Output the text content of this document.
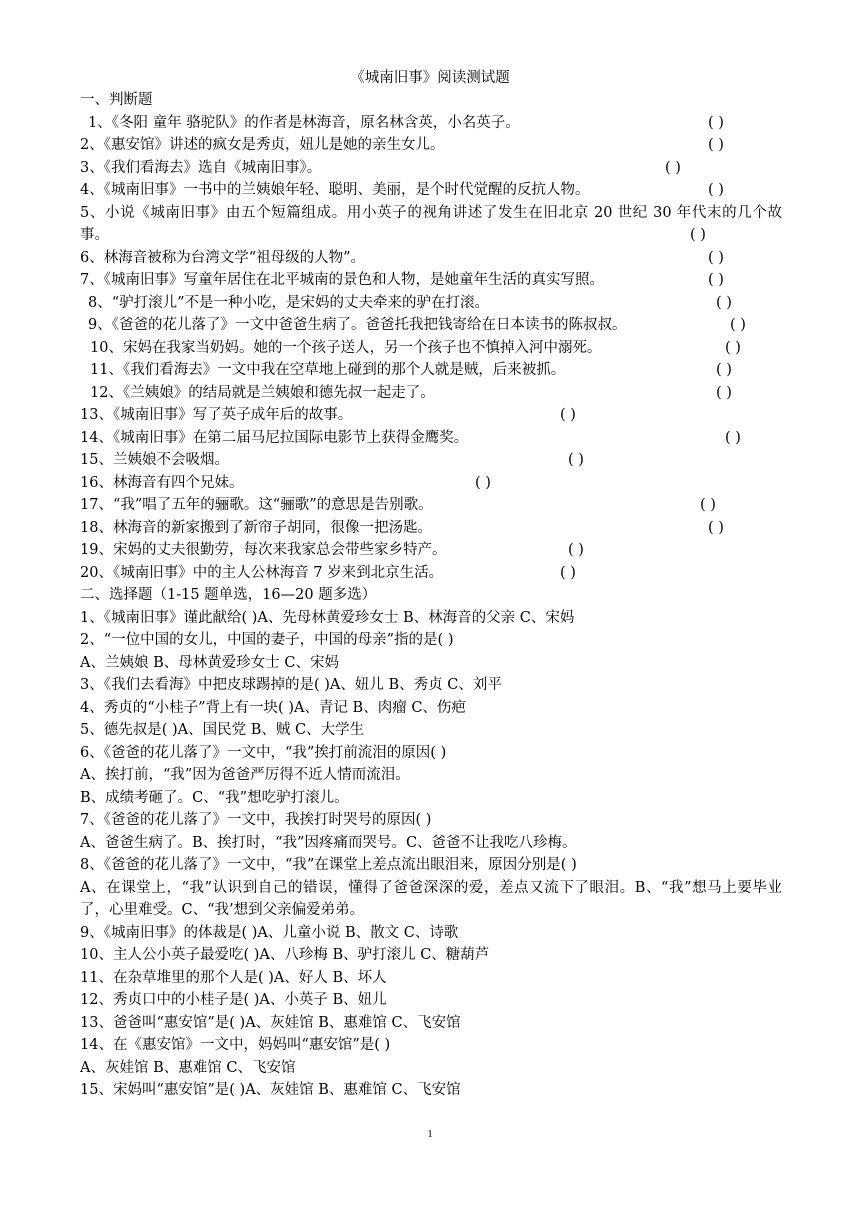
《城南旧事》阅读测试题
一、判断题
1、《冬阳 童年 骆驼队》的作者是林海音，原名林含英，小名英子。	( )
2、《惠安馆》讲述的疯女是秀贞，妞儿是她的亲生女儿。	( )
3、《我们看海去》选自《城南旧事》。	( )
4、《城南旧事》一书中的兰姨娘年轻、聪明、美丽，是个时代觉醒的反抗人物。	( )
5、小说《城南旧事》由五个短篇组成。用小英子的视角讲述了发生在旧北京 20 世纪 30 年代末的几个故事。	( )
6、林海音被称为台湾文学“祖母级的人物”。	( )
7、《城南旧事》写童年居住在北平城南的景色和人物，是她童年生活的真实写照。	( )
8、“驴打滚儿”不是一种小吃，是宋妈的丈夫牵来的驴在打滚。	( )
9、《爸爸的花儿落了》一文中爸爸生病了。爸爸托我把钱寄给在日本读书的陈叔叔。	( )
10、宋妈在我家当奶妈。她的一个孩子送人，另一个孩子也不慎掉入河中溺死。	( )
11、《我们看海去》一文中我在空草地上碰到的那个人就是贼，后来被抓。	( )
12、《兰姨娘》的结局就是兰姨娘和德先叔一起走了。	( )
13、《城南旧事》写了英子成年后的故事。	( )
14、《城南旧事》在第二届马尼拉国际电影节上获得金鹰奖。	( )
15、兰姨娘不会吸烟。	( )
16、林海音有四个兄妹。	( )
17、“我”唱了五年的骊歌。这“骊歌”的意思是告别歌。	( )
18、林海音的新家搬到了新帘子胡同，很像一把汤匙。	( )
19、宋妈的丈夫很勤劳，每次来我家总会带些家乡特产。	( )
20、《城南旧事》中的主人公林海音 7 岁来到北京生活。	( )
二、选择题（1-15 题单选，16—20 题多选）
1、《城南旧事》谨此献给( )A、先母林黄爱珍女士 B、林海音的父亲 C、宋妈
2、“一位中国的女儿，中国的妻子，中国的母亲”指的是( )
A、兰姨娘 B、母林黄爱珍女士 C、宋妈
3、《我们去看海》中把皮球踢掉的是( )A、妞儿 B、秀贞 C、刘平
4、秀贞的“小桂子”背上有一块( )A、青记 B、肉瘤 C、伤疤
5、德先叔是( )A、国民党 B、贼 C、大学生
6、《爸爸的花儿落了》一文中，“我”挨打前流泪的原因( )
A、挨打前，“我”因为爸爸严厉得不近人情而流泪。
B、成绩考砸了。C、“我”想吃驴打滚儿。
7、《爸爸的花儿落了》一文中，我挨打时哭号的原因( )
A、爸爸生病了。B、挨打时，“我”因疼痛而哭号。C、爸爸不让我吃八珍梅。
8、《爸爸的花儿落了》一文中，“我”在课堂上差点流出眼泪来，原因分别是( )
A、在课堂上，“我”认识到自己的错误，懂得了爸爸深深的爱，差点又流下了眼泪。B、“我”想马上要毕业了，心里难受。C、“我’想到父亲偏爱弟弟。
9、《城南旧事》的体裁是( )A、儿童小说 B、散文 C、诗歌
10、主人公小英子最爱吃( )A、八珍梅 B、驴打滚儿 C、糖葫芦
11、在杂草堆里的那个人是( )A、好人 B、坏人
12、秀贞口中的小桂子是( )A、小英子 B、妞儿
13、爸爸叫“惠安馆”是( )A、灰娃馆 B、惠难馆 C、飞安馆
14、在《惠安馆》一文中，妈妈叫“惠安馆”是( )
A、灰娃馆 B、惠难馆 C、飞安馆
15、宋妈叫“惠安馆”是( )A、灰娃馆 B、惠难馆 C、飞安馆
1
